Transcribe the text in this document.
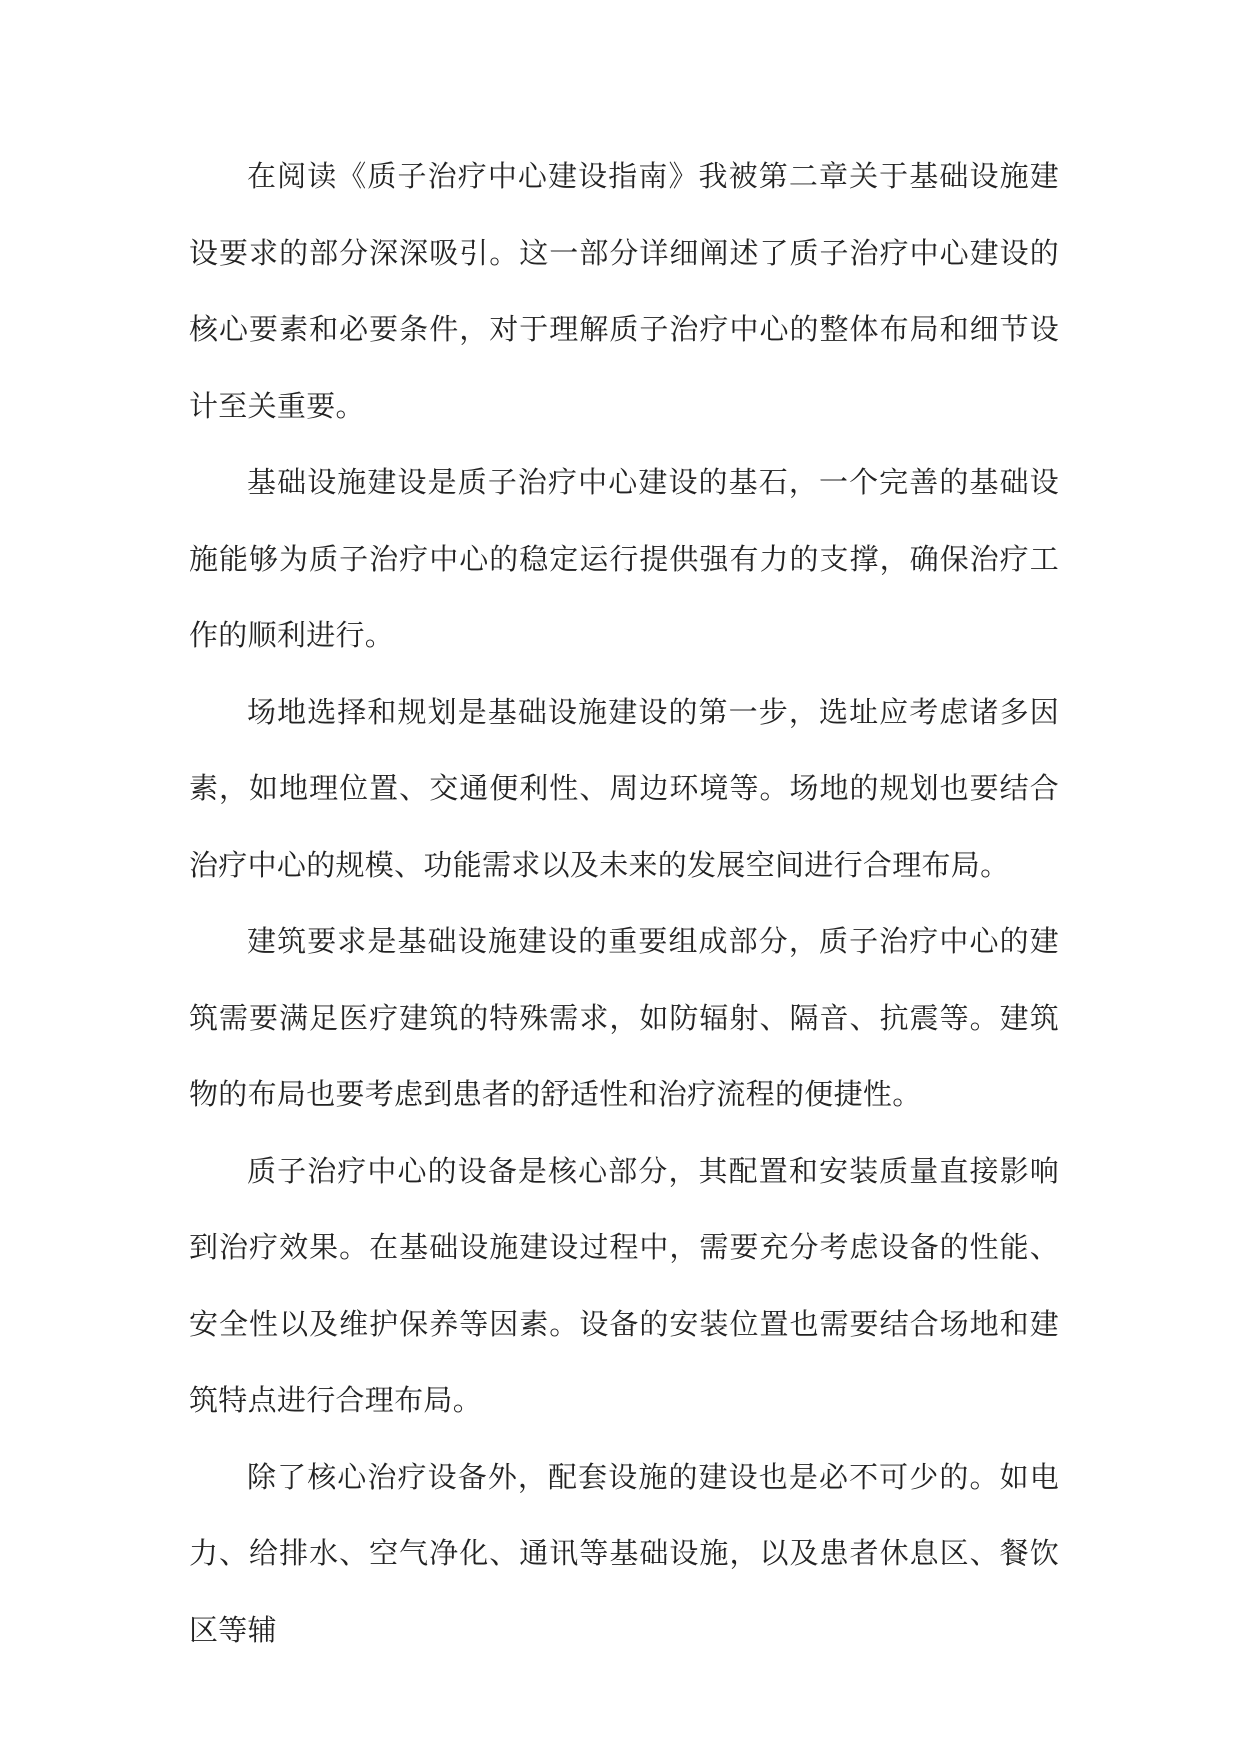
在阅读《质子治疗中心建设指南》我被第二章关于基础设施建设要求的部分深深吸引。这一部分详细阐述了质子治疗中心建设的核心要素和必要条件，对于理解质子治疗中心的整体布局和细节设计至关重要。

基础设施建设是质子治疗中心建设的基石，一个完善的基础设施能够为质子治疗中心的稳定运行提供强有力的支撑，确保治疗工作的顺利进行。

场地选择和规划是基础设施建设的第一步，选址应考虑诸多因素，如地理位置、交通便利性、周边环境等。场地的规划也要结合治疗中心的规模、功能需求以及未来的发展空间进行合理布局。

建筑要求是基础设施建设的重要组成部分，质子治疗中心的建筑需要满足医疗建筑的特殊需求，如防辐射、隔音、抗震等。建筑物的布局也要考虑到患者的舒适性和治疗流程的便捷性。

质子治疗中心的设备是核心部分，其配置和安装质量直接影响到治疗效果。在基础设施建设过程中，需要充分考虑设备的性能、安全性以及维护保养等因素。设备的安装位置也需要结合场地和建筑特点进行合理布局。

除了核心治疗设备外，配套设施的建设也是必不可少的。如电力、给排水、空气净化、通讯等基础设施，以及患者休息区、餐饮区等辅
